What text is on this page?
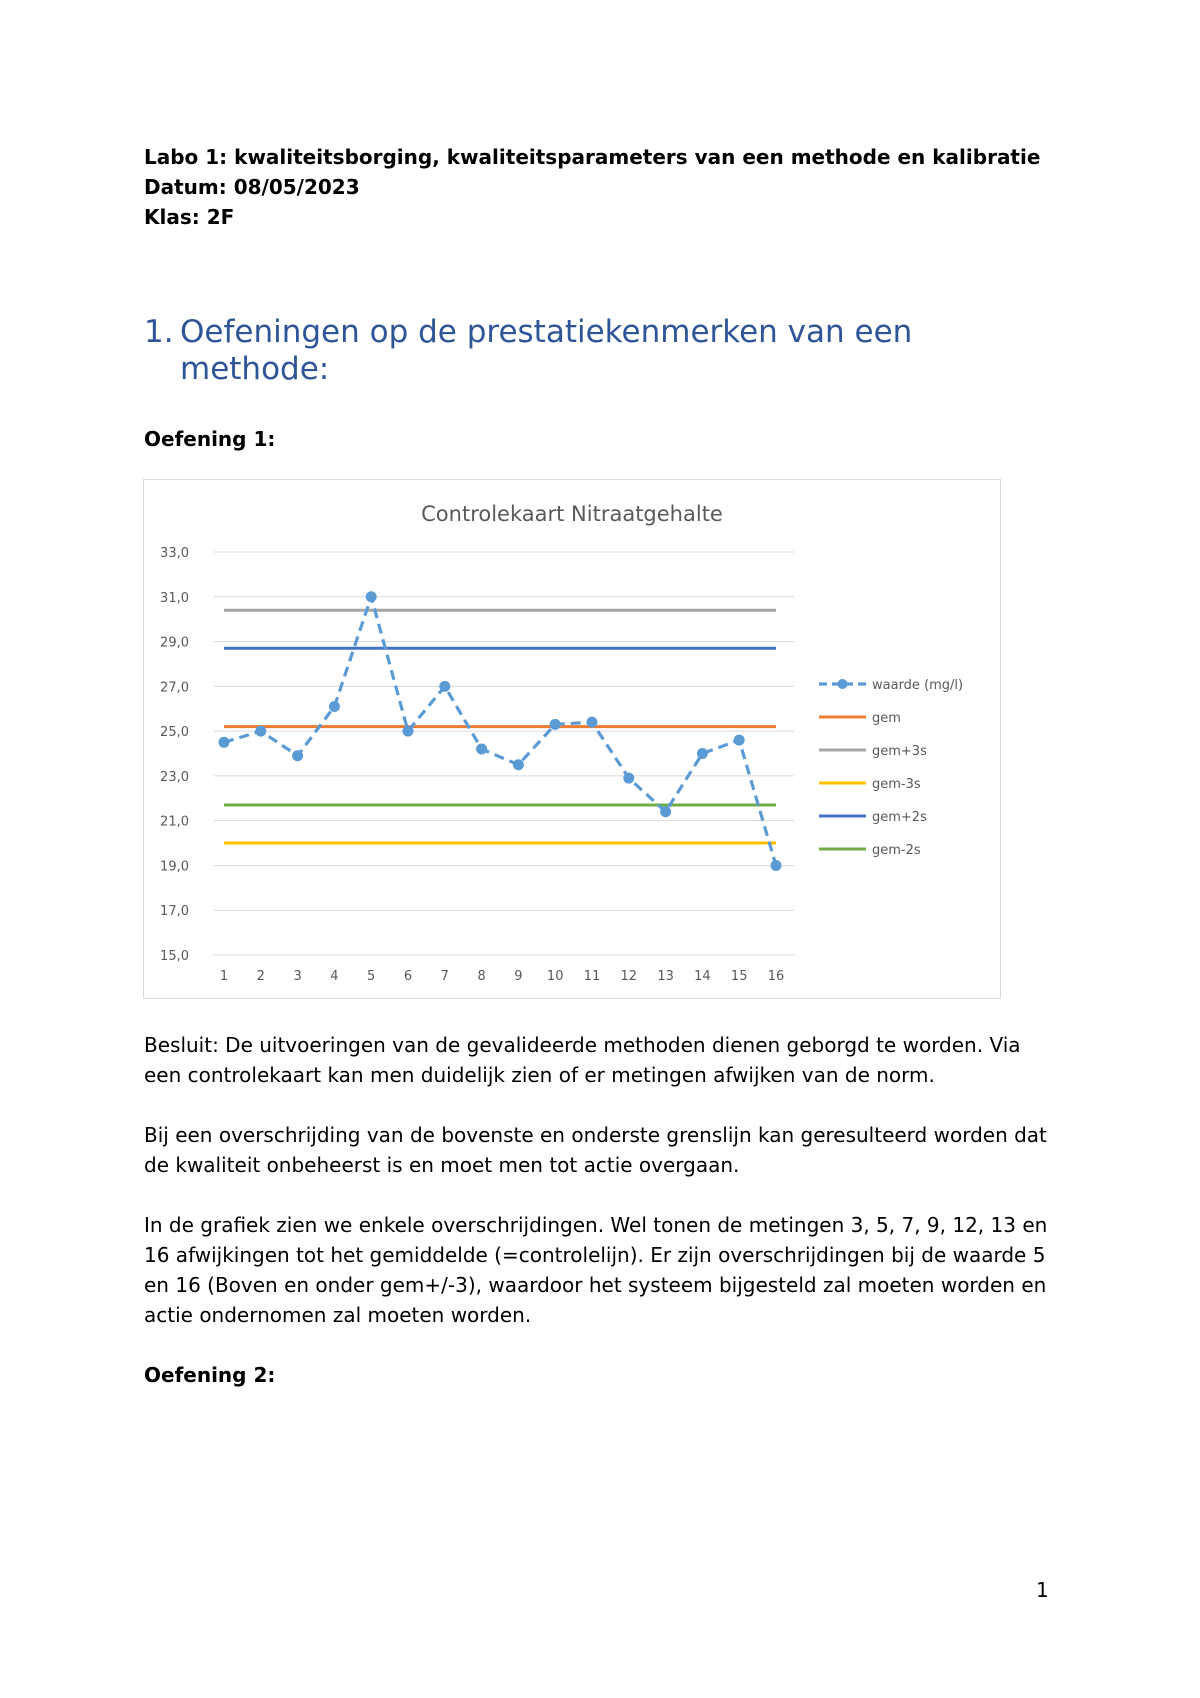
Labo 1: kwaliteitsborging, kwaliteitsparameters van een methode en kalibratie
Datum: 08/05/2023
Klas: 2F
1. Oefeningen op de prestatiekenmerken van een methode:
Oefening 1:
Controlekaart Nitraatgehalte
15,0
17,0
19,0
21,0
23,0
25,0
27,0
29,0
31,0
33,0
1 2 3 4 5 6 7 8 9 10 11 12 13 14 15 16
waarde (mg/l)
gem
gem+3s
gem-3s
gem+2s
gem-2s
Besluit: De uitvoeringen van de gevalideerde methoden dienen geborgd te worden. Via een controlekaart kan men duidelijk zien of er metingen afwijken van de norm.
Bij een overschrijding van de bovenste en onderste grenslijn kan geresulteerd worden dat de kwaliteit onbeheerst is en moet men tot actie overgaan.
In de grafiek zien we enkele overschrijdingen. Wel tonen de metingen 3, 5, 7, 9, 12, 13 en 16 afwijkingen tot het gemiddelde (=controlelijn). Er zijn overschrijdingen bij de waarde 5 en 16 (Boven en onder gem+/-3), waardoor het systeem bijgesteld zal moeten worden en actie ondernomen zal moeten worden.
Oefening 2:
1
